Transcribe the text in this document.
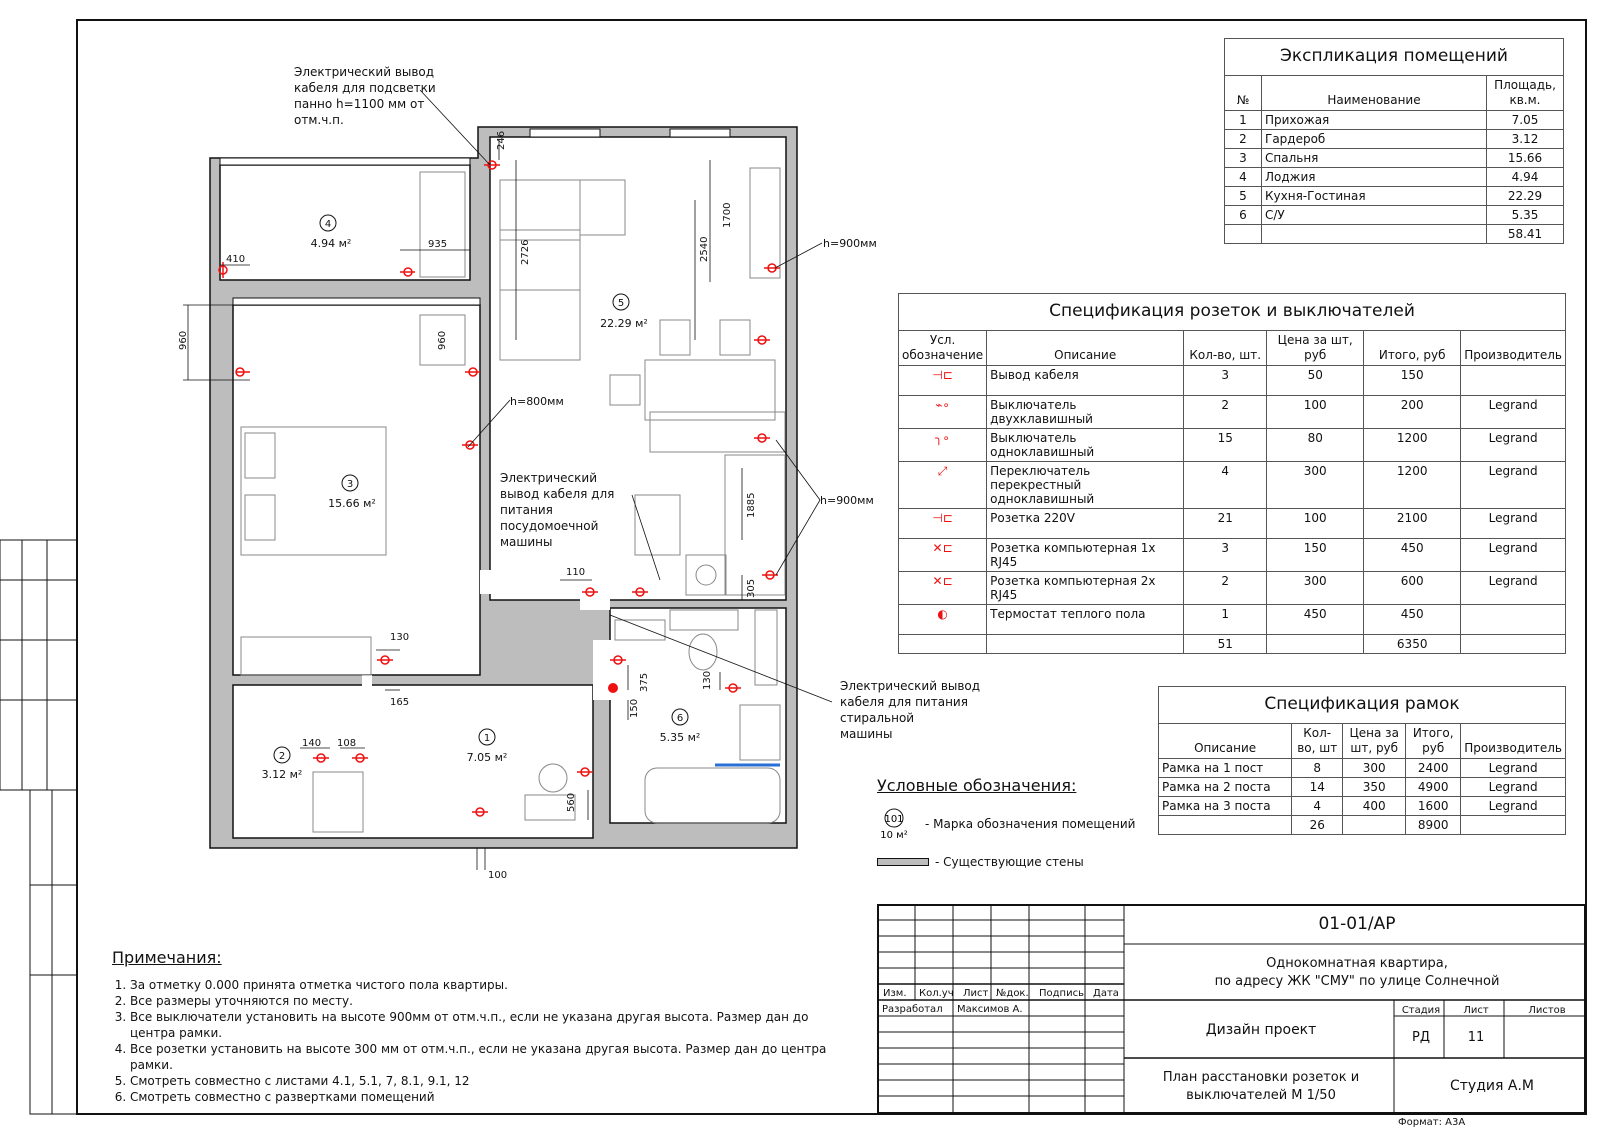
4
4.94 м²
5
22.29 м²
3
15.66 м²
1
7.05 м²
2
3.12 м²
6
5.35 м²
246
2726	2540
1700
410
935
960	960
1885
305
110
130
165
140 108
375
150
130
560
100
h=900мм
h=800мм
h=900мм
Электрический вывод
кабеля для подсветки
панно h=1100 мм от
отм.ч.п.
Электрический
вывод кабеля для
питания
посудомоечной
машины
Электрический вывод
кабеля для питания
стиральной
машины
Экспликация помещений		
№	Наименование	Площадь, кв.м.
1	Прихожая	7.05
2	Гардероб	3.12
3	Спальня	15.66
4	Лоджия	4.94
5	Кухня-Гостиная	22.29
6	С/У	5.35
		58.41
Спецификация розеток и выключателей					
Усл. обозначение	Описание	Кол-во, шт.	Цена за шт, руб	Итого, руб	Производитель
⊣⊏	Вывод кабеля	3	50	150	
⌁∘	Выключатель двухклавишный	2	100	200	Legrand
╮∘	Выключатель одноклавишный	15	80	1200	Legrand
⤢	Переключатель перекрестный одноклавишный	4	300	1200	Legrand
⊣⊏	Розетка 220V	21	100	2100	Legrand
✕⊏	Розетка компьютерная 1х RJ45	3	150	450	Legrand
✕⊏	Розетка компьютерная 2х RJ45	2	300	600	Legrand
◐	Термостат теплого пола	1	450	450	
		51		6350	
Спецификация рамок				
Описание	Кол-во, шт	Цена за шт, руб	Итого, руб	Производитель
Рамка на 1 пост	8	300	2400	Legrand
Рамка на 2 поста	14	350	4900	Legrand
Рамка на 3 поста	4	400	1600	Legrand
	26		8900	
Условные обозначения:
101
10 м²
- Марка обозначения помещений
- Существующие стены
Примечания:
1. За отметку 0.000 принята отметка чистого пола квартиры.
2. Все размеры уточняются по месту.
3. Все выключатели установить на высоте 900мм от отм.ч.п., если не указана другая высота. Размер дан до центра рамки.
4. Все розетки установить на высоте 300 мм от отм.ч.п., если не указана другая высота. Размер дан до центра рамки.
5. Смотреть совместно с листами 4.1, 5.1, 7, 8.1, 9.1, 12
6. Смотреть совместно с развертками помещений
Изм. Кол.уч Лист №док. Подпись Дата
Разработал Максимов А.
01-01/АР
Однокомнатная квартира,
по адресу ЖК "СМУ" по улице Солнечной
Дизайн проект
Стадия	Лист	Листов
РД	11
План расстановки розеток и
выключателей М 1/50
Студия А.М
Формат: А3А
